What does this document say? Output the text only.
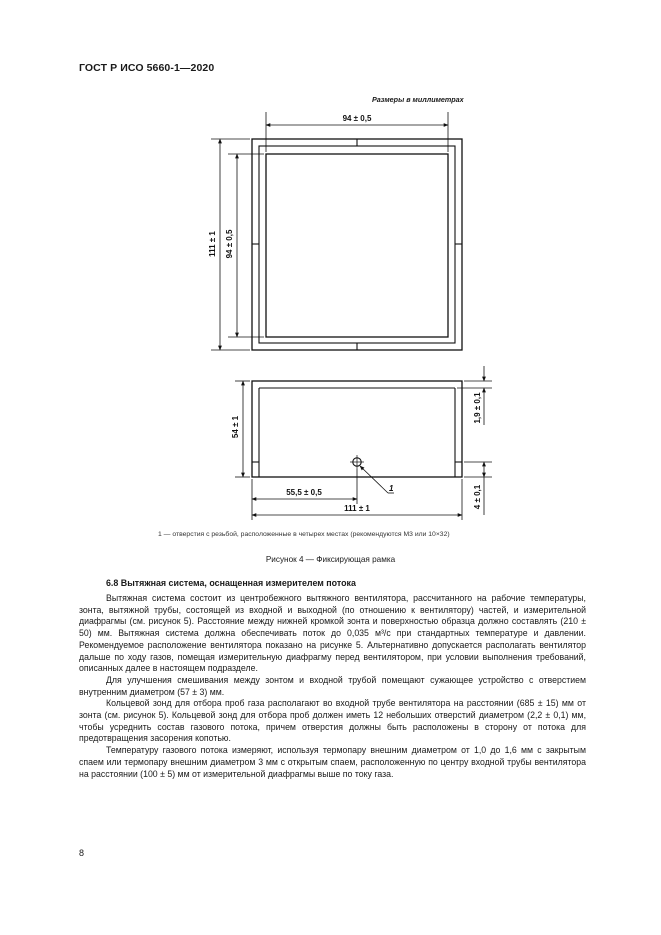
ГОСТ Р ИСО 5660-1—2020
Размеры в миллиметрах
94 ± 0,5
111 ± 1 94 ± 0,5
54 ± 1
1,9 ± 0,1
4 ± 0,1
55,5 ± 0,5
111 ± 1
1
1 — отверстия с резьбой, расположенные в четырех местах (рекомендуются М3 или 10×32)
Рисунок 4 — Фиксирующая рамка
6.8 Вытяжная система, оснащенная измерителем потока

Вытяжная система состоит из центробежного вытяжного вентилятора, рассчитанного на рабочие температуры, зонта, вытяжной трубы, состоящей из входной и выходной (по отношению к вентилятору) частей, и измерительной диафрагмы (см. рисунок 5). Расстояние между нижней кромкой зонта и поверхностью образца должно составлять (210 ± 50) мм. Вытяжная система должна обеспечивать поток до 0,035 м³/с при стандартных температуре и давлении. Рекомендуемое расположение вентилятора показано на рисунке 5. Альтернативно допускается располагать вентилятор дальше по ходу газов, помещая измерительную диафрагму перед вентилятором, при условии выполнения требований, описанных далее в настоящем подразделе.

Для улучшения смешивания между зонтом и входной трубой помещают сужающее устройство с отверстием внутренним диаметром (57 ± 3) мм.

Кольцевой зонд для отбора проб газа располагают во входной трубе вентилятора на расстоянии (685 ± 15) мм от зонта (см. рисунок 5). Кольцевой зонд для отбора проб должен иметь 12 небольших отверстий диаметром (2,2 ± 0,1) мм, чтобы усреднить состав газового потока, причем отверстия должны быть расположены в сторону от потока для предотвращения засорения копотью.

Температуру газового потока измеряют, используя термопару внешним диаметром от 1,0 до 1,6 мм с закрытым спаем или термопару внешним диаметром 3 мм с открытым спаем, расположенную по центру входной трубы вентилятора на расстоянии (100 ± 5) мм от измерительной диафрагмы выше по току газа.

8
